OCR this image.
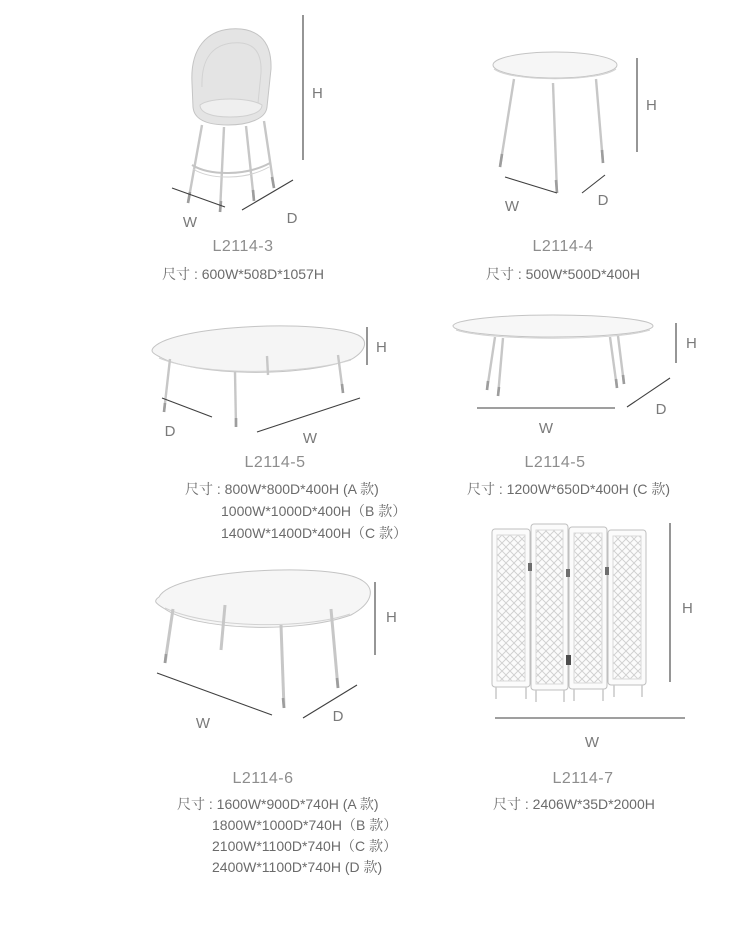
H
W	D
L2114-3
尺寸 : 600W*508D*1057H
H
W	D
L2114-4
尺寸 : 500W*500D*400H
H
D	W
L2114-5
尺寸 : 800W*800D*400H (A 款)
1000W*1000D*400H（B 款）
1400W*1400D*400H（C 款）
H
W
D
L2114-5
尺寸 : 1200W*650D*400H (C 款)
H
W	D
L2114-6
尺寸 : 1600W*900D*740H (A 款)
1800W*1000D*740H（B 款）
2100W*1100D*740H（C 款）
2400W*1100D*740H (D 款)
H
W
L2114-7
尺寸 : 2406W*35D*2000H
